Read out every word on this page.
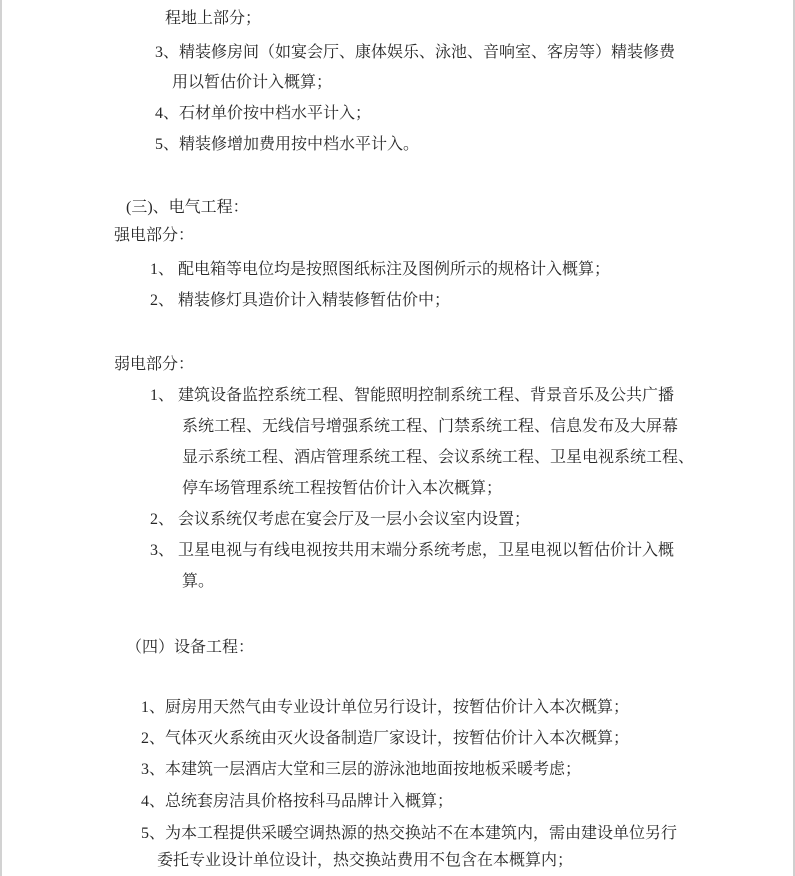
程地上部分；
3、精装修房间（如宴会厅、康体娱乐、泳池、音响室、客房等）精装修费
用以暂估价计入概算；
4、石材单价按中档水平计入；
5、精装修增加费用按中档水平计入。
(三)、电气工程：
强电部分：
1、 配电箱等电位均是按照图纸标注及图例所示的规格计入概算；
2、 精装修灯具造价计入精装修暂估价中；
弱电部分：
1、 建筑设备监控系统工程、智能照明控制系统工程、背景音乐及公共广播
系统工程、无线信号增强系统工程、门禁系统工程、信息发布及大屏幕
显示系统工程、酒店管理系统工程、会议系统工程、卫星电视系统工程、
停车场管理系统工程按暂估价计入本次概算；
2、 会议系统仅考虑在宴会厅及一层小会议室内设置；
3、 卫星电视与有线电视按共用末端分系统考虑，卫星电视以暂估价计入概
算。
（四）设备工程：
1、厨房用天然气由专业设计单位另行设计，按暂估价计入本次概算；
2、气体灭火系统由灭火设备制造厂家设计，按暂估价计入本次概算；
3、本建筑一层酒店大堂和三层的游泳池地面按地板采暖考虑；
4、总统套房洁具价格按科马品牌计入概算；
5、为本工程提供采暖空调热源的热交换站不在本建筑内，需由建设单位另行
委托专业设计单位设计，热交换站费用不包含在本概算内；
